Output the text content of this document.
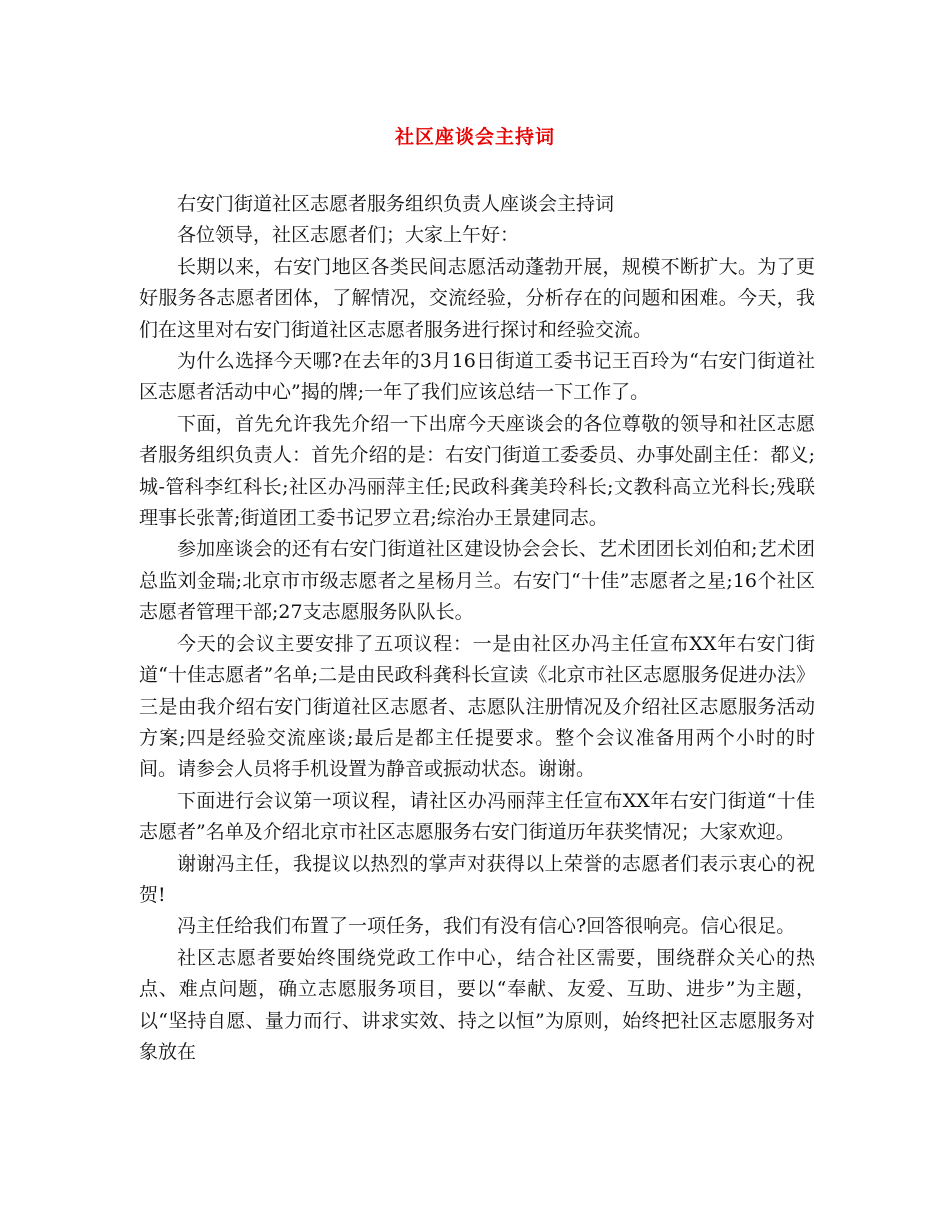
社区座谈会主持词

右安门街道社区志愿者服务组织负责人座谈会主持词

各位领导，社区志愿者们；大家上午好：

长期以来，右安门地区各类民间志愿活动蓬勃开展，规模不断扩大。为了更好服务各志愿者团体，了解情况，交流经验，分析存在的问题和困难。今天，我们在这里对右安门街道社区志愿者服务进行探讨和经验交流。

为什么选择今天哪?在去年的3月16日街道工委书记王百玲为“右安门街道社区志愿者活动中心”揭的牌;一年了我们应该总结一下工作了。

下面，首先允许我先介绍一下出席今天座谈会的各位尊敬的领导和社区志愿者服务组织负责人：首先介绍的是：右安门街道工委委员、办事处副主任：都义;城-管科李红科长;社区办冯丽萍主任;民政科龚美玲科长;文教科高立光科长;残联理事长张菁;街道团工委书记罗立君;综治办王景建同志。

参加座谈会的还有右安门街道社区建设协会会长、艺术团团长刘伯和;艺术团总监刘金瑞;北京市市级志愿者之星杨月兰。右安门“十佳”志愿者之星;16个社区志愿者管理干部;27支志愿服务队队长。

今天的会议主要安排了五项议程：一是由社区办冯主任宣布XX年右安门街道“十佳志愿者”名单;二是由民政科龚科长宣读《北京市社区志愿服务促进办法》三是由我介绍右安门街道社区志愿者、志愿队注册情况及介绍社区志愿服务活动方案;四是经验交流座谈;最后是都主任提要求。整个会议准备用两个小时的时间。请参会人员将手机设置为静音或振动状态。谢谢。

下面进行会议第一项议程，请社区办冯丽萍主任宣布XX年右安门街道“十佳志愿者”名单及介绍北京市社区志愿服务右安门街道历年获奖情况；大家欢迎。

谢谢冯主任，我提议以热烈的掌声对获得以上荣誉的志愿者们表示衷心的祝贺!

冯主任给我们布置了一项任务，我们有没有信心?回答很响亮。信心很足。

社区志愿者要始终围绕党政工作中心，结合社区需要，围绕群众关心的热点、难点问题，确立志愿服务项目，要以“奉献、友爱、互助、进步”为主题，以“坚持自愿、量力而行、讲求实效、持之以恒”为原则，始终把社区志愿服务对象放在
